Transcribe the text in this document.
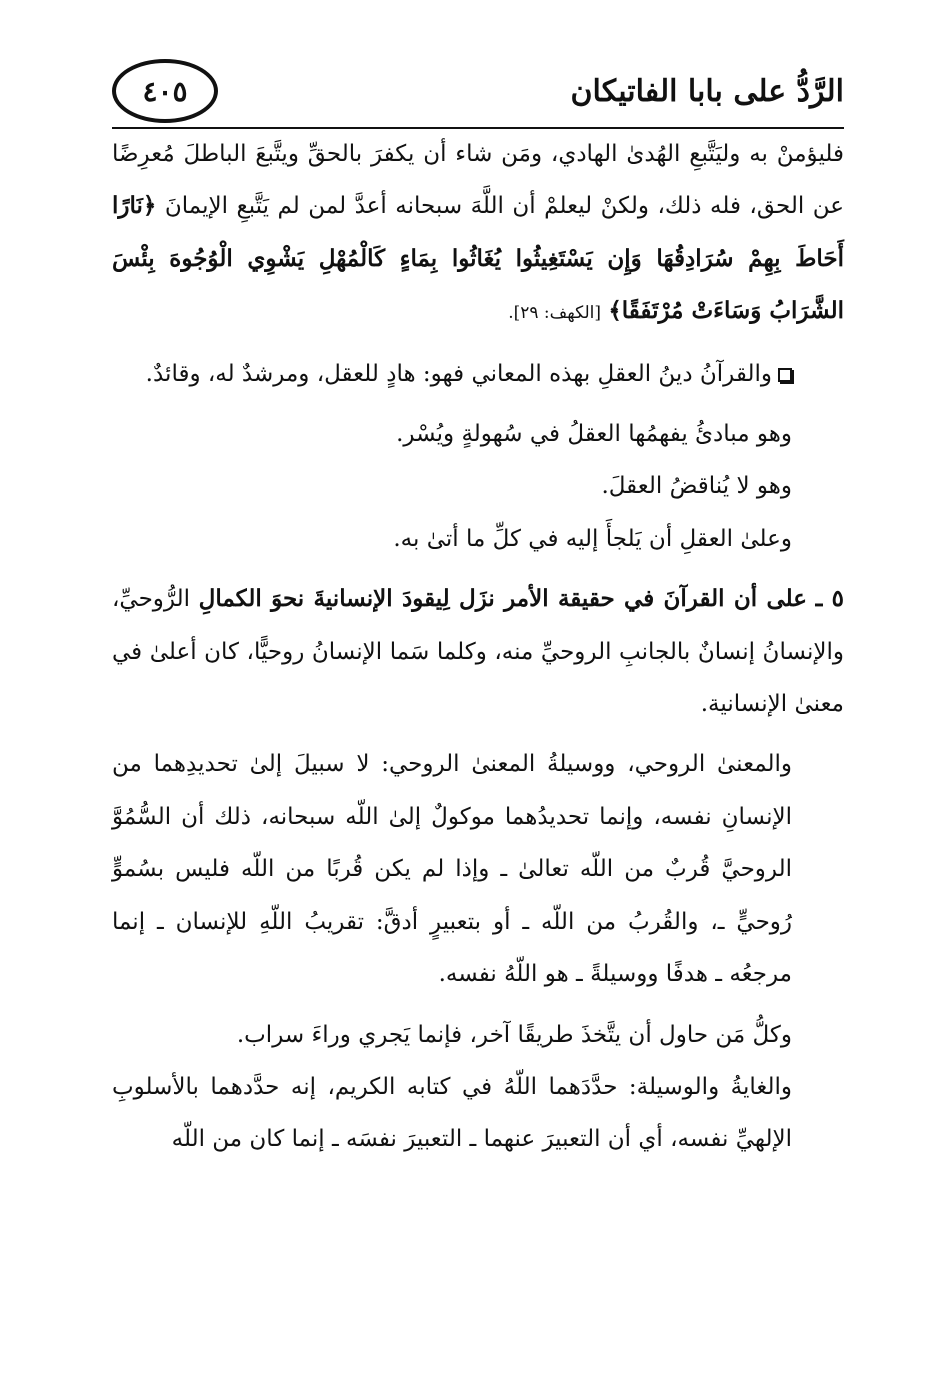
الرَّدُّ على بابا الفاتيكان
٤٠٥

فليؤمنْ به وليَتَّبعِ الهُدىٰ الهادي، ومَن شاء أن يكفرَ بالحقِّ ويتَّبعَ الباطلَ مُعرِضًا عن الحق، فله ذلك، ولكنْ ليعلمْ أن اللَّهَ سبحانه أعدَّ لمن لم يَتَّبعِ الإيمانَ ﴿نَارًا أَحَاطَ بِهِمْ سُرَادِقُهَا وَإِن يَسْتَغِيثُوا يُغَاثُوا بِمَاءٍ كَالْمُهْلِ يَشْوِي الْوُجُوهَ بِئْسَ الشَّرَابُ وَسَاءَتْ مُرْتَفَقًا﴾ [الكهف: ٢٩].

والقرآنُ دينُ العقلِ بهذه المعاني فهو: هادٍ للعقل، ومرشدٌ له، وقائدٌ.

وهو مبادئُ يفهمُها العقلُ في سُهولةٍ ويُسْر.

وهو لا يُناقضُ العقلَ.

وعلىٰ العقلِ أن يَلجأَ إليه في كلِّ ما أتىٰ به.

٥ ـ على أن القرآنَ في حقيقة الأمر نزَل لِيقودَ الإنسانيةَ نحوَ الكمالِ الرُّوحيِّ، والإنسانُ إنسانٌ بالجانبِ الروحيِّ منه، وكلما سَما الإنسانُ روحيًّا، كان أعلىٰ في معنىٰ الإنسانية.

والمعنىٰ الروحي، ووسيلةُ المعنىٰ الروحي: لا سبيلَ إلىٰ تحديدِهما من الإنسانِ نفسه، وإنما تحديدُهما موكولٌ إلىٰ اللّه سبحانه، ذلك أن السُّمُوَّ الروحيَّ قُربٌ من اللّه تعالىٰ ـ وإذا لم يكن قُربًا من اللّه فليس بسُموٍّ رُوحيٍّ ـ، والقُربُ من اللّه ـ أو بتعبيرٍ أدقَّ: تقريبُ اللّهِ للإنسان ـ إنما مرجعُه ـ هدفًا ووسيلةً ـ هو اللّهُ نفسه.

وكلُّ مَن حاول أن يتَّخذَ طريقًا آخر، فإنما يَجري وراءَ سراب.

والغايةُ والوسيلة: حدَّدَهما اللّهُ في كتابه الكريم، إنه حدَّدهما بالأسلوبِ الإلهيِّ نفسه، أي أن التعبيرَ عنهما ـ التعبيرَ نفسَه ـ إنما كان من اللّه
